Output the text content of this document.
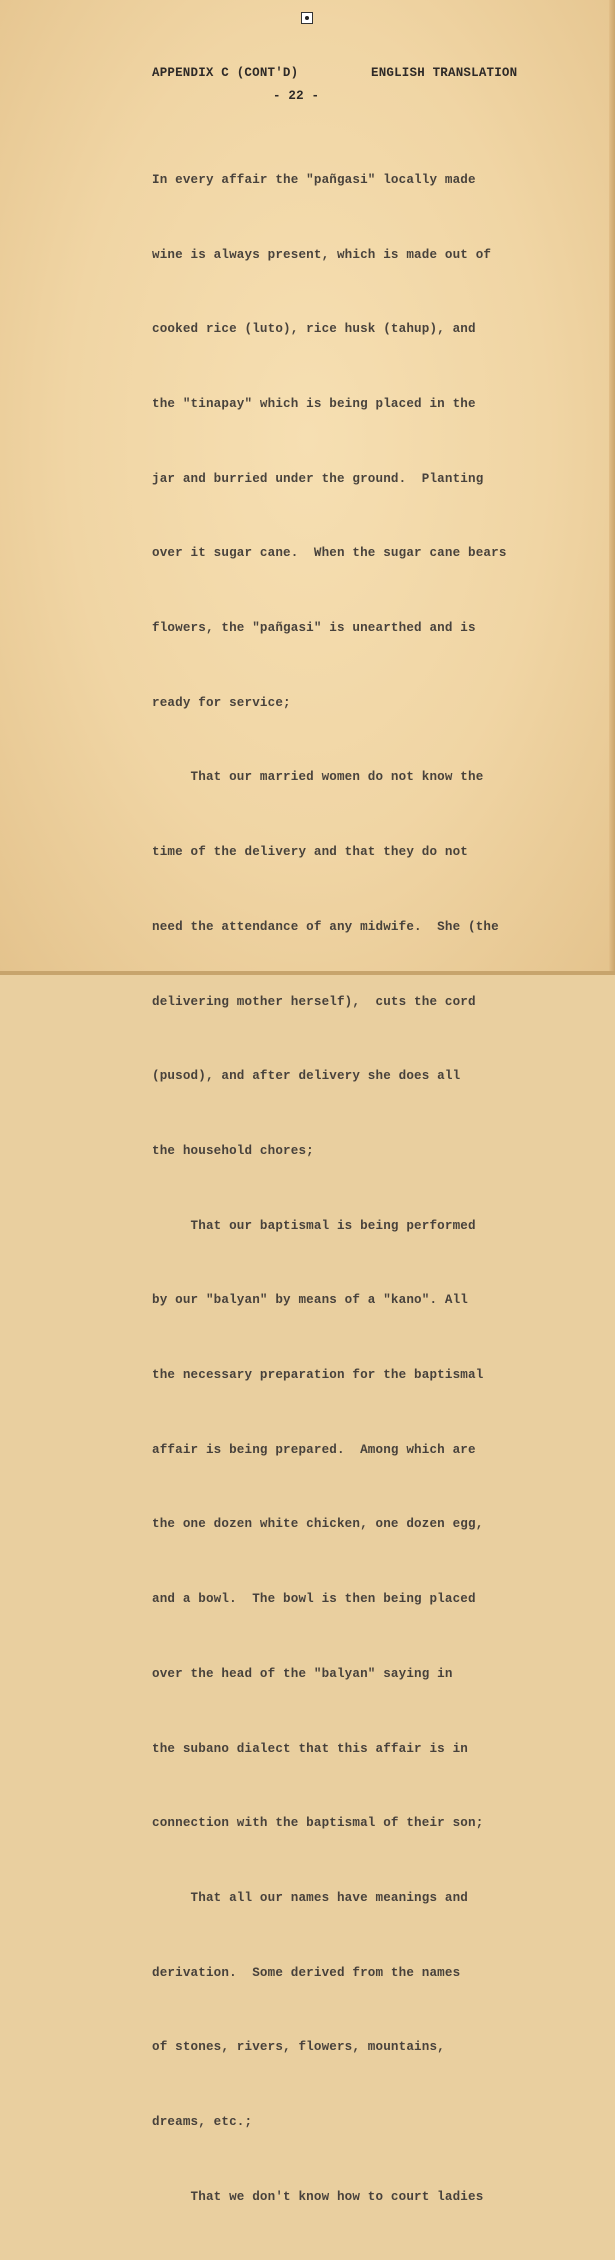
APPENDIX C (CONT'D)	ENGLISH TRANSLATION
- 22 -

In every affair the "pañgasi" locally made

wine is always present, which is made out of

cooked rice (luto), rice husk (tahup), and

the "tinapay" which is being placed in the

jar and burried under the ground.  Planting

over it sugar cane.  When the sugar cane bears

flowers, the "pañgasi" is unearthed and is

ready for service;

That our married women do not know the

time of the delivery and that they do not

need the attendance of any midwife.  She (the

delivering mother herself),  cuts the cord

(pusod), and after delivery she does all

the household chores;

That our baptismal is being performed

by our "balyan" by means of a "kano". All

the necessary preparation for the baptismal

affair is being prepared.  Among which are

the one dozen white chicken, one dozen egg,

and a bowl.  The bowl is then being placed

over the head of the "balyan" saying in

the subano dialect that this affair is in

connection with the baptismal of their son;

That all our names have meanings and

derivation.  Some derived from the names

of stones, rivers, flowers, mountains,

dreams, etc.;

That we don't know how to court ladies
